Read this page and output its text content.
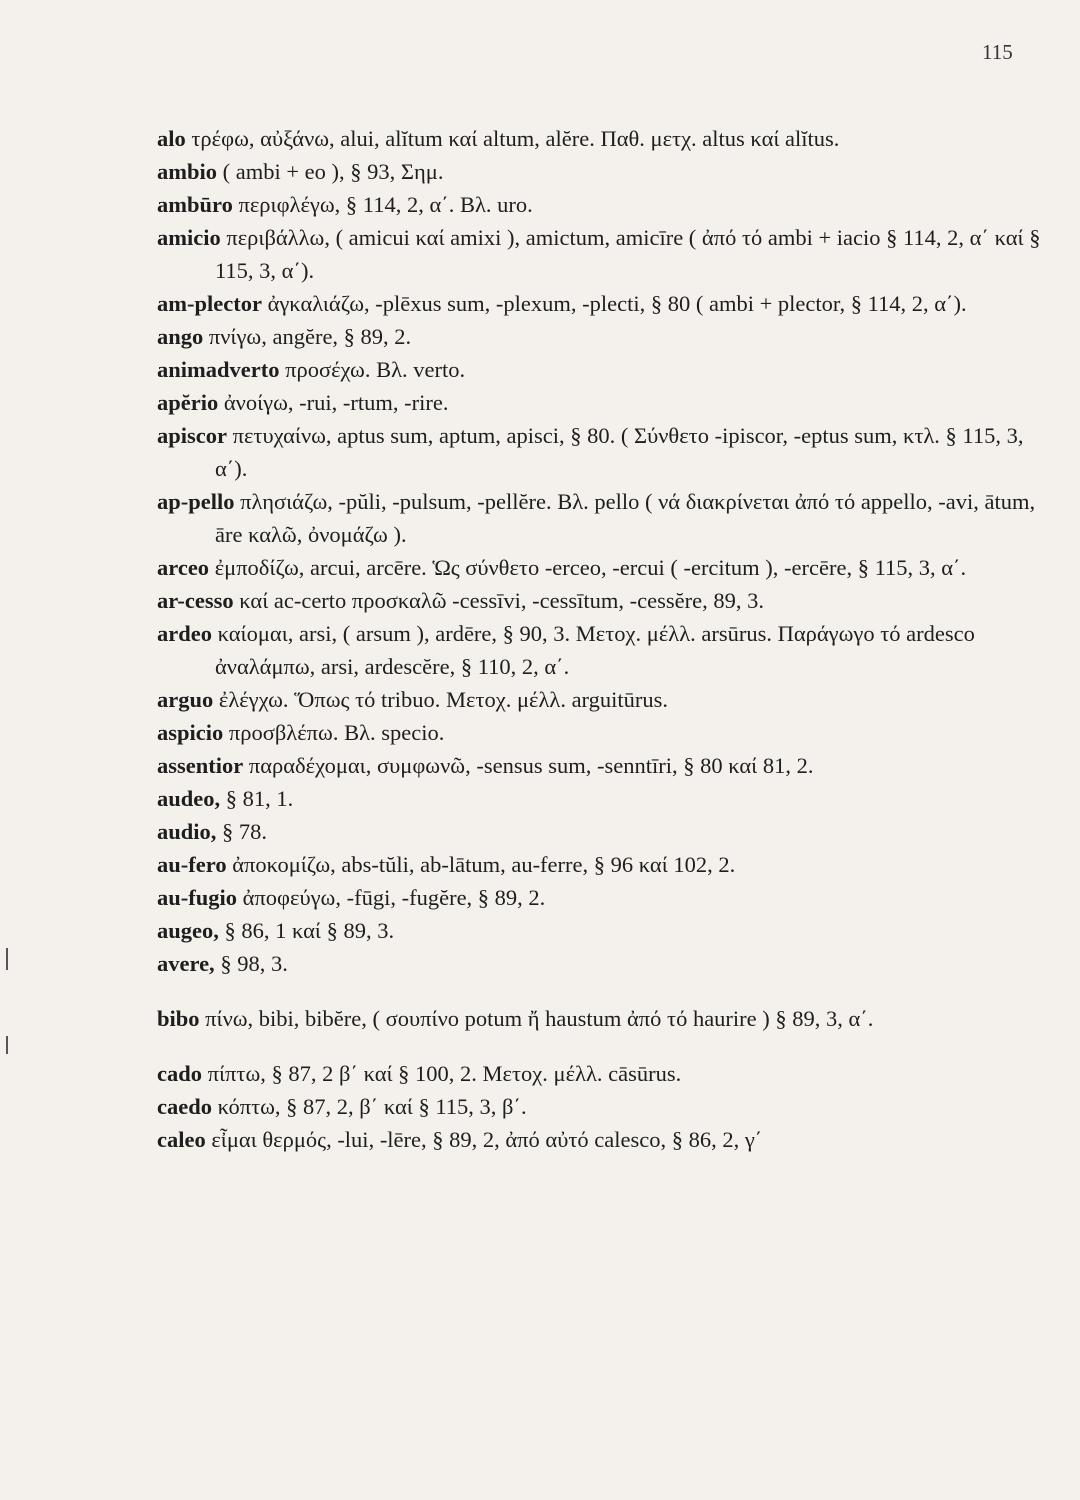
115

alo τρέφω, αὐξάνω, alui, alĭtum καί altum, alĕre. Παθ. μετχ. altus καί alĭtus.

ambio ( ambi + eo ), § 93, Σημ.

ambūro περιφλέγω, § 114, 2, α΄. Βλ. uro.

amicio περιβάλλω, ( amicui καί amixi ), amictum, amicīre ( ἀπό τό ambi + iacio § 114, 2, α΄ καί § 115, 3, α΄).

am-plector ἀγκαλιάζω, -plēxus sum, -plexum, -plecti, § 80 ( ambi + plector, § 114, 2, α΄).

ango πνίγω, angĕre, § 89, 2.

animadverto προσέχω. Βλ. verto.

apĕrio ἀνοίγω, -rui, -rtum, -rire.

apiscor πετυχαίνω, aptus sum, aptum, apisci, § 80. ( Σύνθετο -ipiscor, -eptus sum, κτλ. § 115, 3, α΄).

ap-pello πλησιάζω, -pŭli, -pulsum, -pellĕre. Βλ. pello ( νά διακρίνεται ἀπό τό appello, -avi, ātum, āre καλῶ, ὀνομάζω ).

arceo ἐμποδίζω, arcui, arcēre. Ὡς σύνθετο -erceo, -ercui ( -ercitum ), -ercēre, § 115, 3, α΄.

ar-cesso καί ac-certo προσκαλῶ -cessīvi, -cessītum, -cessĕre, 89, 3.

ardeo καίομαι, arsi, ( arsum ), ardēre, § 90, 3. Μετοχ. μέλλ. arsūrus. Παράγωγο τό ardesco ἀναλάμπω, arsi, ardescĕre, § 110, 2, α΄.

arguo ἐλέγχω. Ὅπως τό tribuo. Μετοχ. μέλλ. arguitūrus.

aspicio προσβλέπω. Βλ. specio.

assentior παραδέχομαι, συμφωνῶ, -sensus sum, -senntīri, § 80 καί 81, 2.

audeo, § 81, 1.

audio, § 78.

au-fero ἀποκομίζω, abs-tŭli, ab-lātum, au-ferre, § 96 καί 102, 2.

au-fugio ἀποφεύγω, -fūgi, -fugĕre, § 89, 2.

augeo, § 86, 1 καί § 89, 3.

avere, § 98, 3.

bibo πίνω, bibi, bibĕre, ( σουπίνο potum ἤ haustum ἀπό τό haurire ) § 89, 3, α΄.

cado πίπτω, § 87, 2 β΄ καί § 100, 2. Μετοχ. μέλλ. cāsūrus.

caedo κόπτω, § 87, 2, β΄ καί § 115, 3, β΄.

caleo εἶμαι θερμός, -lui, -lēre, § 89, 2, ἀπό αὐτό calesco, § 86, 2, γ΄
